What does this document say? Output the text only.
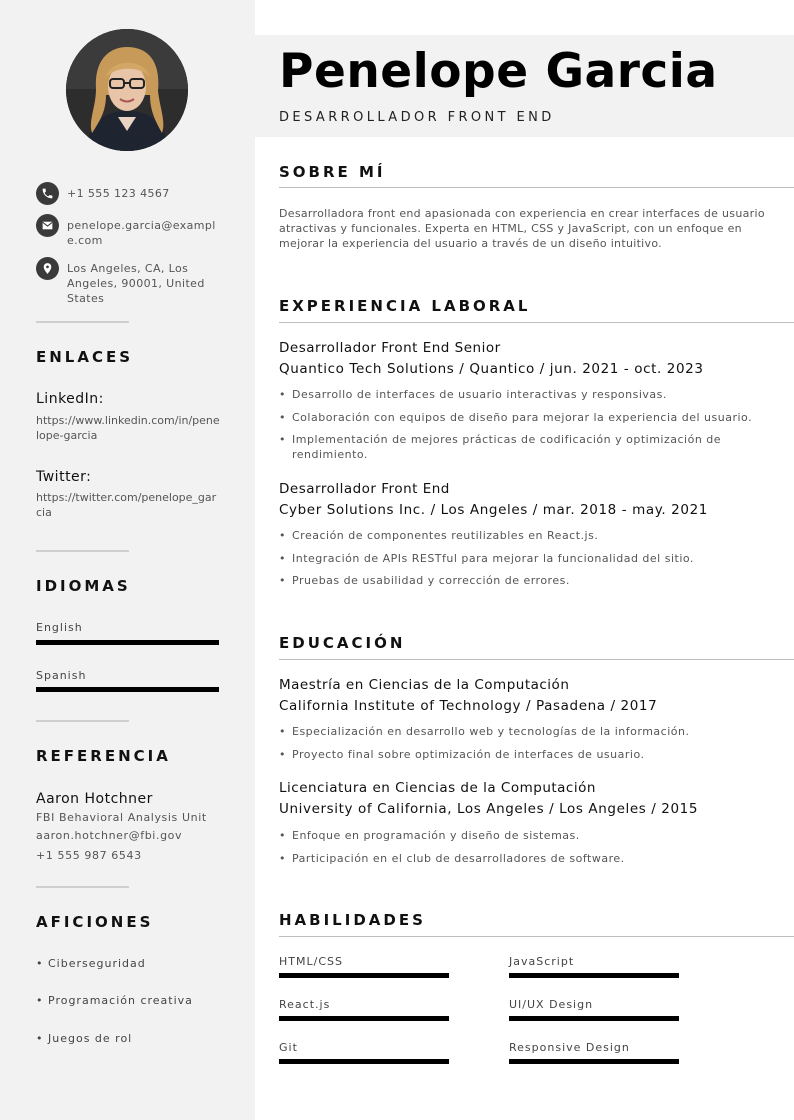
+1 555 123 4567
penelope.garcia@example.com
Los Angeles, CA, Los Angeles, 90001, United States
ENLACES
LinkedIn:
https://www.linkedin.com/in/penelope-garcia
Twitter:
https://twitter.com/penelope_garcia
IDIOMAS
English
Spanish
REFERENCIA
Aaron Hotchner
FBI Behavioral Analysis Unit
aaron.hotchner@fbi.gov
+1 555 987 6543
AFICIONES
• Ciberseguridad
• Programación creativa
• Juegos de rol
Penelope Garcia
DESARROLLADOR FRONT END
SOBRE MÍ
Desarrolladora front end apasionada con experiencia en crear interfaces de usuario atractivas y funcionales. Experta en HTML, CSS y JavaScript, con un enfoque en mejorar la experiencia del usuario a través de un diseño intuitivo.
EXPERIENCIA LABORAL
Desarrollador Front End Senior
Quantico Tech Solutions / Quantico / jun. 2021 - oct. 2023
• Desarrollo de interfaces de usuario interactivas y responsivas.
• Colaboración con equipos de diseño para mejorar la experiencia del usuario.
• Implementación de mejores prácticas de codificación y optimización de rendimiento.
Desarrollador Front End
Cyber Solutions Inc. / Los Angeles / mar. 2018 - may. 2021
• Creación de componentes reutilizables en React.js.
• Integración de APIs RESTful para mejorar la funcionalidad del sitio.
• Pruebas de usabilidad y corrección de errores.
EDUCACIÓN
Maestría en Ciencias de la Computación
California Institute of Technology / Pasadena / 2017
• Especialización en desarrollo web y tecnologías de la información.
• Proyecto final sobre optimización de interfaces de usuario.
Licenciatura en Ciencias de la Computación
University of California, Los Angeles / Los Angeles / 2015
• Enfoque en programación y diseño de sistemas.
• Participación en el club de desarrolladores de software.
HABILIDADES
HTML/CSS	JavaScript
React.js	UI/UX Design
Git	Responsive Design
